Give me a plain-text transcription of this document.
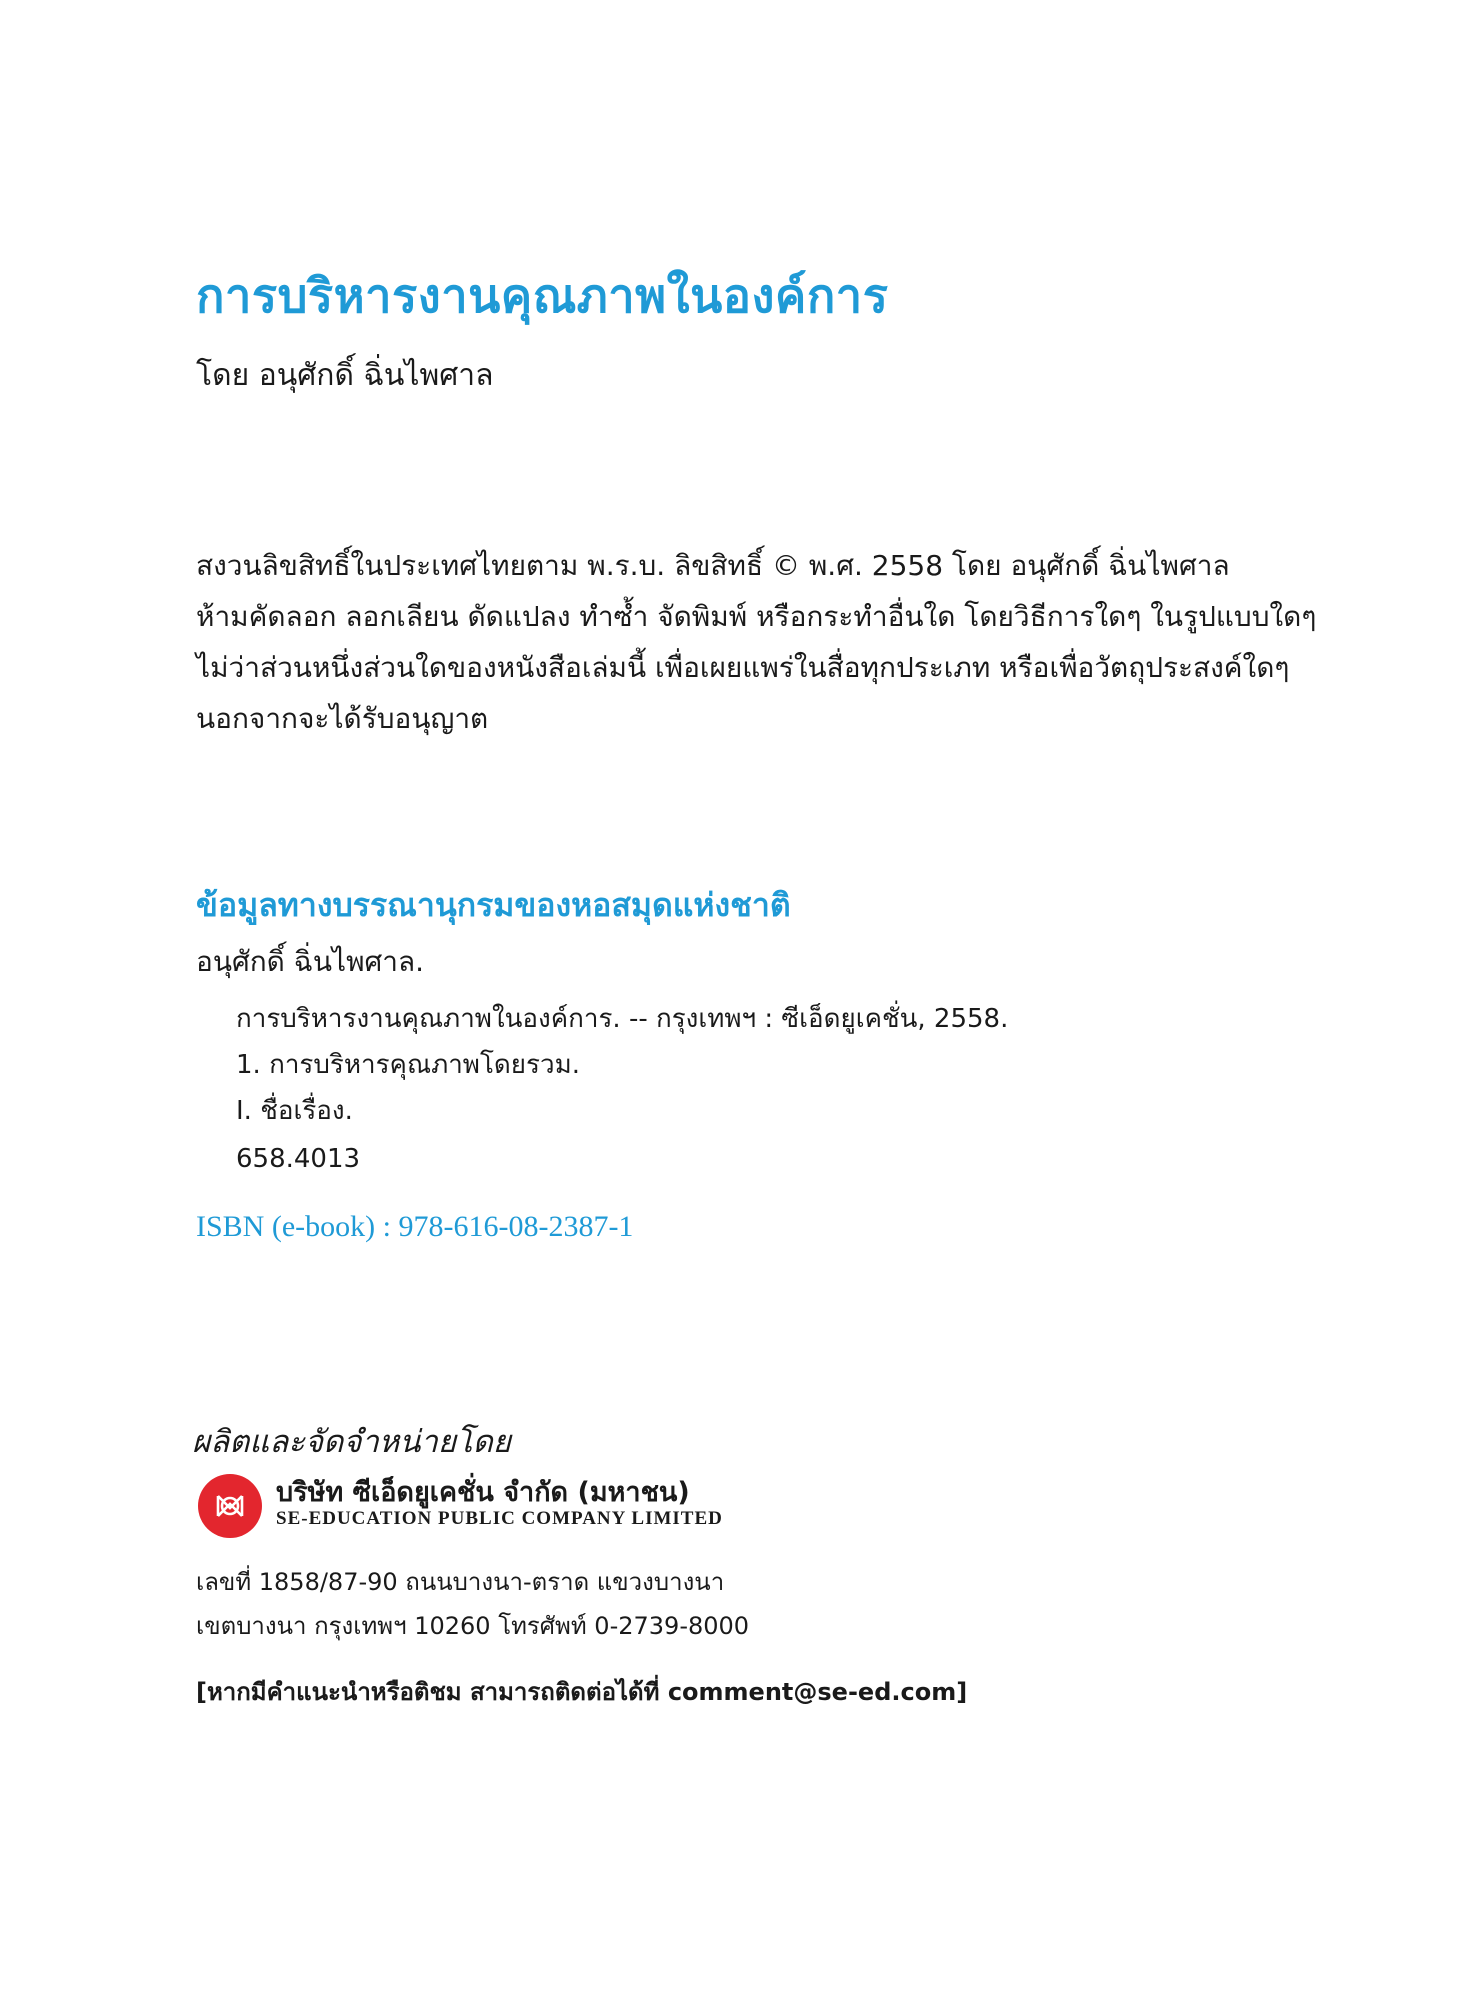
การบริหารงานคุณภาพในองค์การ
โดย อนุศักดิ์ ฉิ่นไพศาล
สงวนลิขสิทธิ์ในประเทศไทยตาม พ.ร.บ. ลิขสิทธิ์ © พ.ศ. 2558 โดย อนุศักดิ์ ฉิ่นไพศาล
ห้ามคัดลอก ลอกเลียน ดัดแปลง ทำซ้ำ จัดพิมพ์ หรือกระทำอื่นใด โดยวิธีการใดๆ ในรูปแบบใดๆ
ไม่ว่าส่วนหนึ่งส่วนใดของหนังสือเล่มนี้ เพื่อเผยแพร่ในสื่อทุกประเภท หรือเพื่อวัตถุประสงค์ใดๆ
นอกจากจะได้รับอนุญาต
ข้อมูลทางบรรณานุกรมของหอสมุดแห่งชาติ
อนุศักดิ์ ฉิ่นไพศาล.
การบริหารงานคุณภาพในองค์การ. -- กรุงเทพฯ : ซีเอ็ดยูเคชั่น, 2558.
1. การบริหารคุณภาพโดยรวม.
I. ชื่อเรื่อง.
658.4013
ISBN (e-book) : 978-616-08-2387-1
ผลิตและจัดจำหน่ายโดย
บริษัท ซีเอ็ดยูเคชั่น จำกัด (มหาชน)
SE-EDUCATION PUBLIC COMPANY LIMITED
เลขที่ 1858/87-90 ถนนบางนา-ตราด แขวงบางนา
เขตบางนา กรุงเทพฯ 10260 โทรศัพท์ 0-2739-8000
[หากมีคำแนะนำหรือติชม สามารถติดต่อได้ที่ comment@se-ed.com]
